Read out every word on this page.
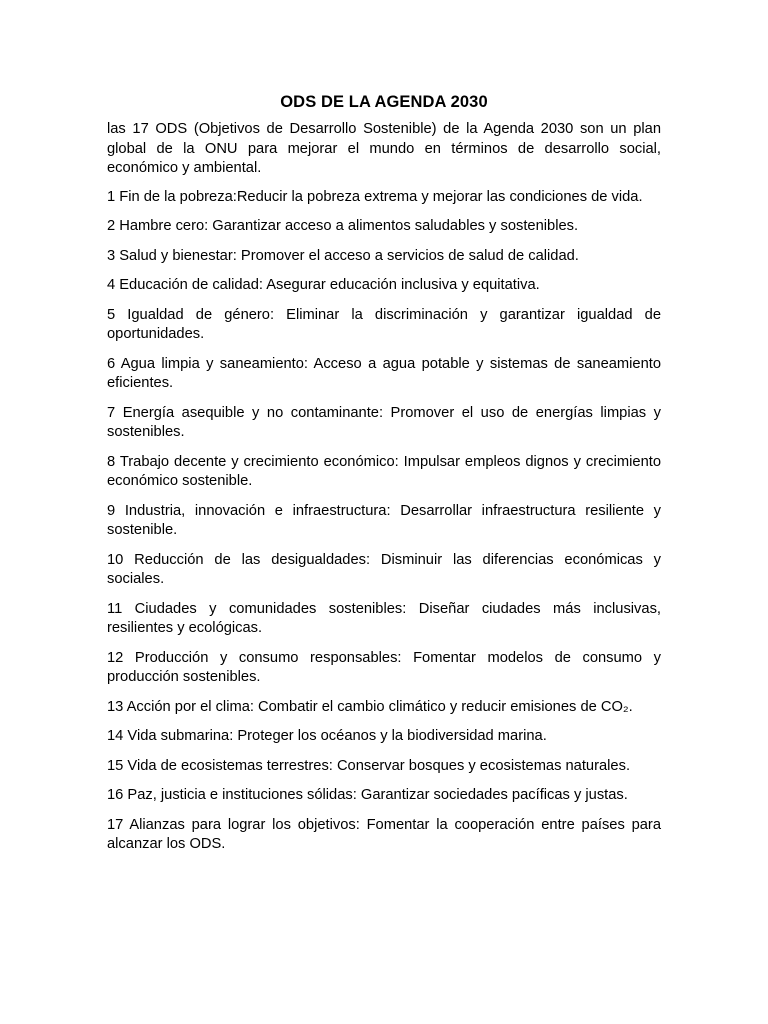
ODS DE LA AGENDA 2030

las 17 ODS (Objetivos de Desarrollo Sostenible) de la Agenda 2030 son un plan global de la ONU para mejorar el mundo en términos de desarrollo social, económico y ambiental.

1 Fin de la pobreza:Reducir la pobreza extrema y mejorar las condiciones de vida.
2 Hambre cero: Garantizar acceso a alimentos saludables y sostenibles.
3 Salud y bienestar: Promover el acceso a servicios de salud de calidad.
4 Educación de calidad: Asegurar educación inclusiva y equitativa.
5 Igualdad de género: Eliminar la discriminación y garantizar igualdad de oportunidades.
6 Agua limpia y saneamiento: Acceso a agua potable y sistemas de saneamiento eficientes.
7 Energía asequible y no contaminante: Promover el uso de energías limpias y sostenibles.
8 Trabajo decente y crecimiento económico: Impulsar empleos dignos y crecimiento económico sostenible.
9 Industria, innovación e infraestructura: Desarrollar infraestructura resiliente y sostenible.
10 Reducción de las desigualdades: Disminuir las diferencias económicas y sociales.
11 Ciudades y comunidades sostenibles: Diseñar ciudades más inclusivas, resilientes y ecológicas.
12 Producción y consumo responsables: Fomentar modelos de consumo y producción sostenibles.
13 Acción por el clima: Combatir el cambio climático y reducir emisiones de CO₂.
14 Vida submarina: Proteger los océanos y la biodiversidad marina.
15 Vida de ecosistemas terrestres: Conservar bosques y ecosistemas naturales.
16 Paz, justicia e instituciones sólidas: Garantizar sociedades pacíficas y justas.
17 Alianzas para lograr los objetivos: Fomentar la cooperación entre países para alcanzar los ODS.
